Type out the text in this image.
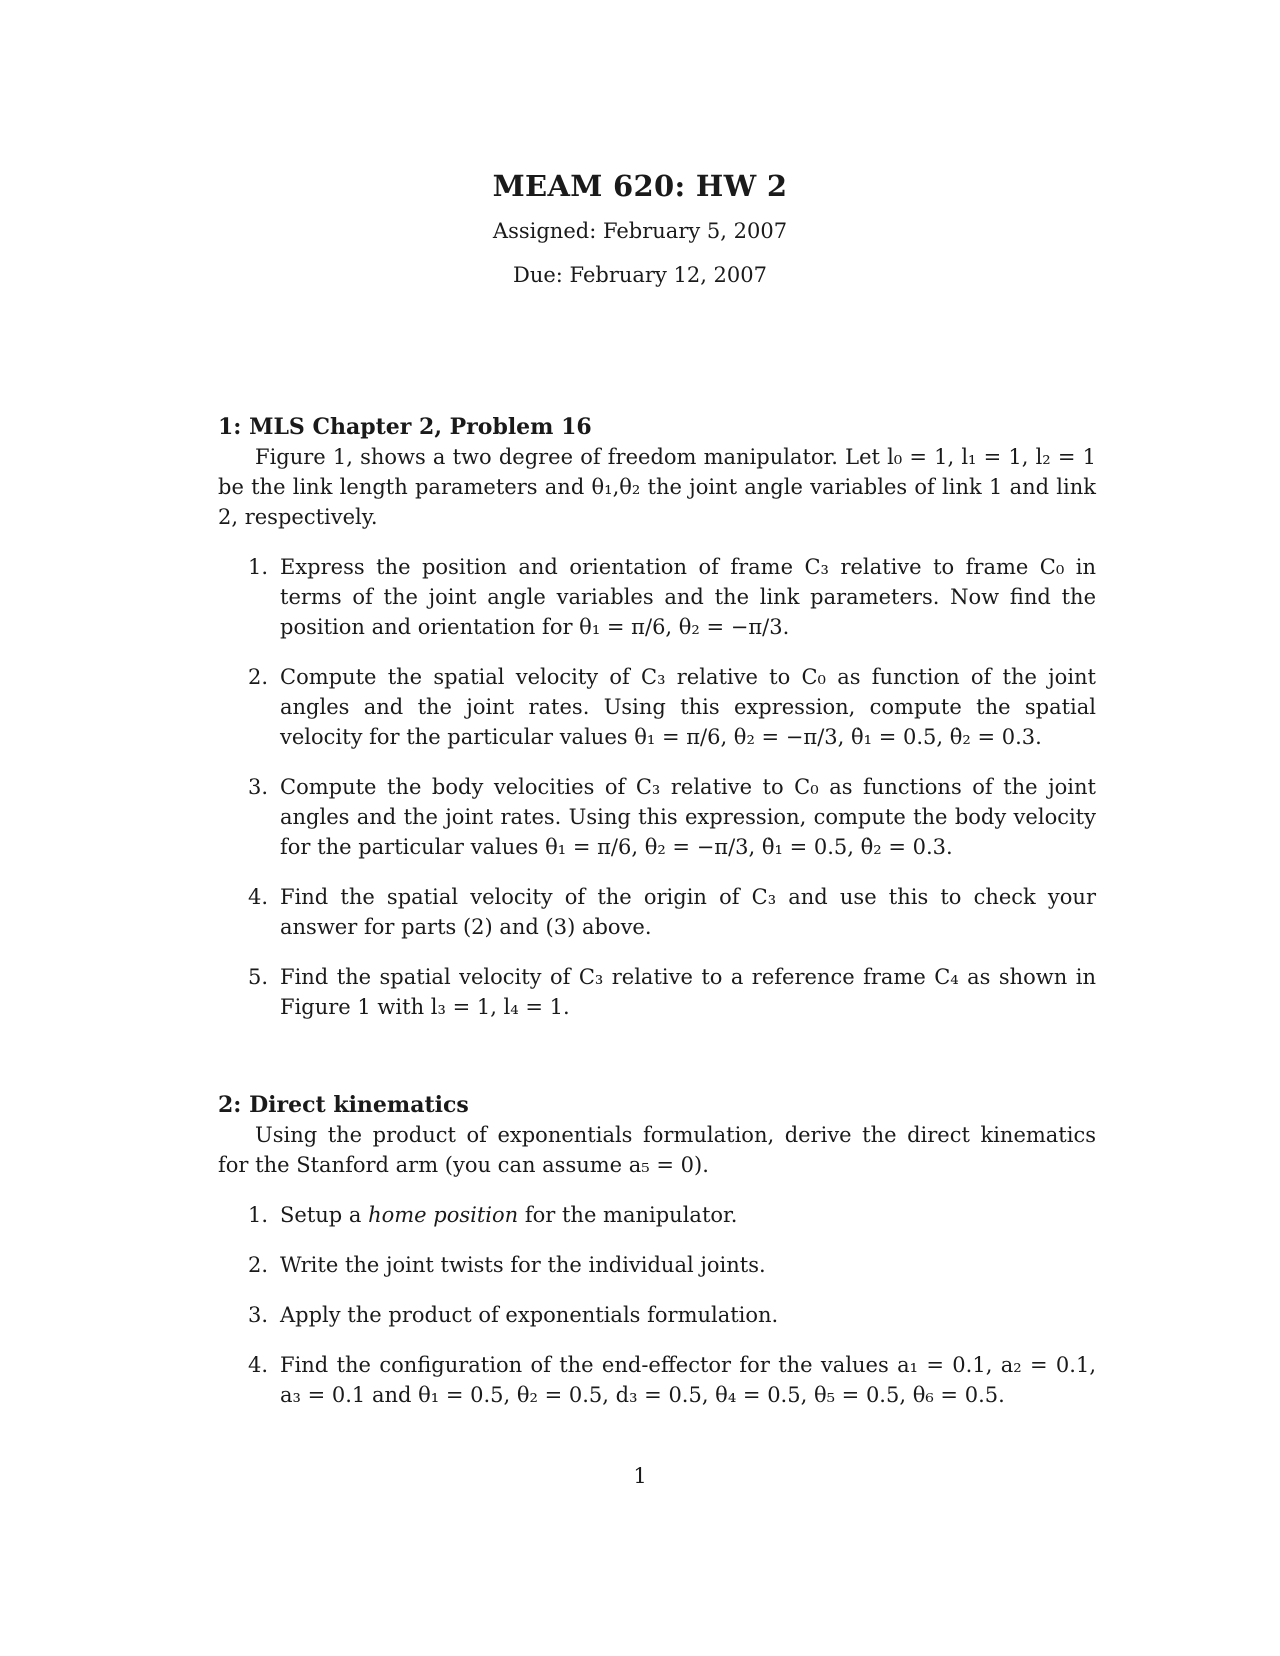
MEAM 620: HW 2
Assigned: February 5, 2007
Due: February 12, 2007

1: MLS Chapter 2, Problem 16

Figure 1, shows a two degree of freedom manipulator. Let l₀ = 1, l₁ = 1, l₂ = 1 be the link length parameters and θ₁,θ₂ the joint angle variables of link 1 and link 2, respectively.

1. Express the position and orientation of frame C₃ relative to frame C₀ in terms of the joint angle variables and the link parameters. Now find the position and orientation for θ₁ = π/6, θ₂ = −π/3.
2. Compute the spatial velocity of C₃ relative to C₀ as function of the joint angles and the joint rates. Using this expression, compute the spatial velocity for the particular values θ₁ = π/6, θ₂ = −π/3, θ̇₁ = 0.5, θ̇₂ = 0.3.
3. Compute the body velocities of C₃ relative to C₀ as functions of the joint angles and the joint rates. Using this expression, compute the body velocity for the particular values θ₁ = π/6, θ₂ = −π/3, θ̇₁ = 0.5, θ̇₂ = 0.3.
4. Find the spatial velocity of the origin of C₃ and use this to check your answer for parts (2) and (3) above.
5. Find the spatial velocity of C₃ relative to a reference frame C₄ as shown in Figure 1 with l₃ = 1, l₄ = 1.

2: Direct kinematics

Using the product of exponentials formulation, derive the direct kinematics for the Stanford arm (you can assume a₅ = 0).

1. Setup a home position for the manipulator.
2. Write the joint twists for the individual joints.
3. Apply the product of exponentials formulation.
4. Find the configuration of the end-effector for the values a₁ = 0.1, a₂ = 0.1, a₃ = 0.1 and θ₁ = 0.5, θ₂ = 0.5, d₃ = 0.5, θ₄ = 0.5, θ₅ = 0.5, θ₆ = 0.5.
1
